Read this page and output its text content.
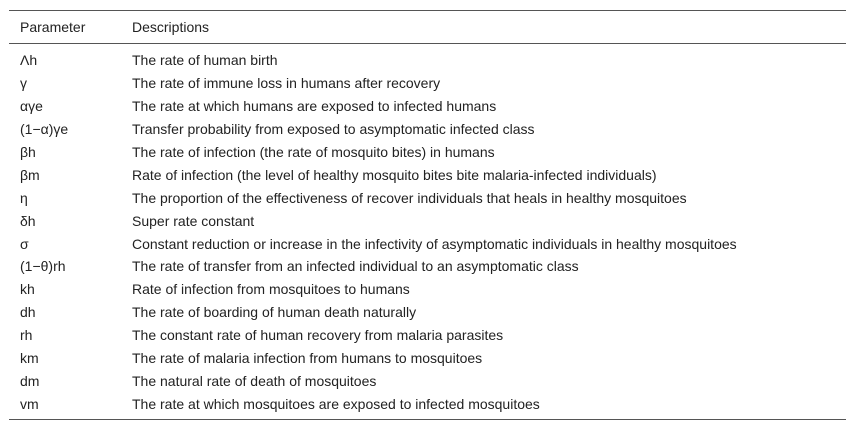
Parameter	Descriptions
Λh	The rate of human birth
γ	The rate of immune loss in humans after recovery
αγe	The rate at which humans are exposed to infected humans
(1−α)γe	Transfer probability from exposed to asymptomatic infected class
βh	The rate of infection (the rate of mosquito bites) in humans
βm	Rate of infection (the level of healthy mosquito bites bite malaria-infected individuals)
η	The proportion of the effectiveness of recover individuals that heals in healthy mosquitoes
δh	Super rate constant
σ	Constant reduction or increase in the infectivity of asymptomatic individuals in healthy mosquitoes
(1−θ)rh	The rate of transfer from an infected individual to an asymptomatic class
kh	Rate of infection from mosquitoes to humans
dh	The rate of boarding of human death naturally
rh	The constant rate of human recovery from malaria parasites
km	The rate of malaria infection from humans to mosquitoes
dm	The natural rate of death of mosquitoes
vm	The rate at which mosquitoes are exposed to infected mosquitoes
